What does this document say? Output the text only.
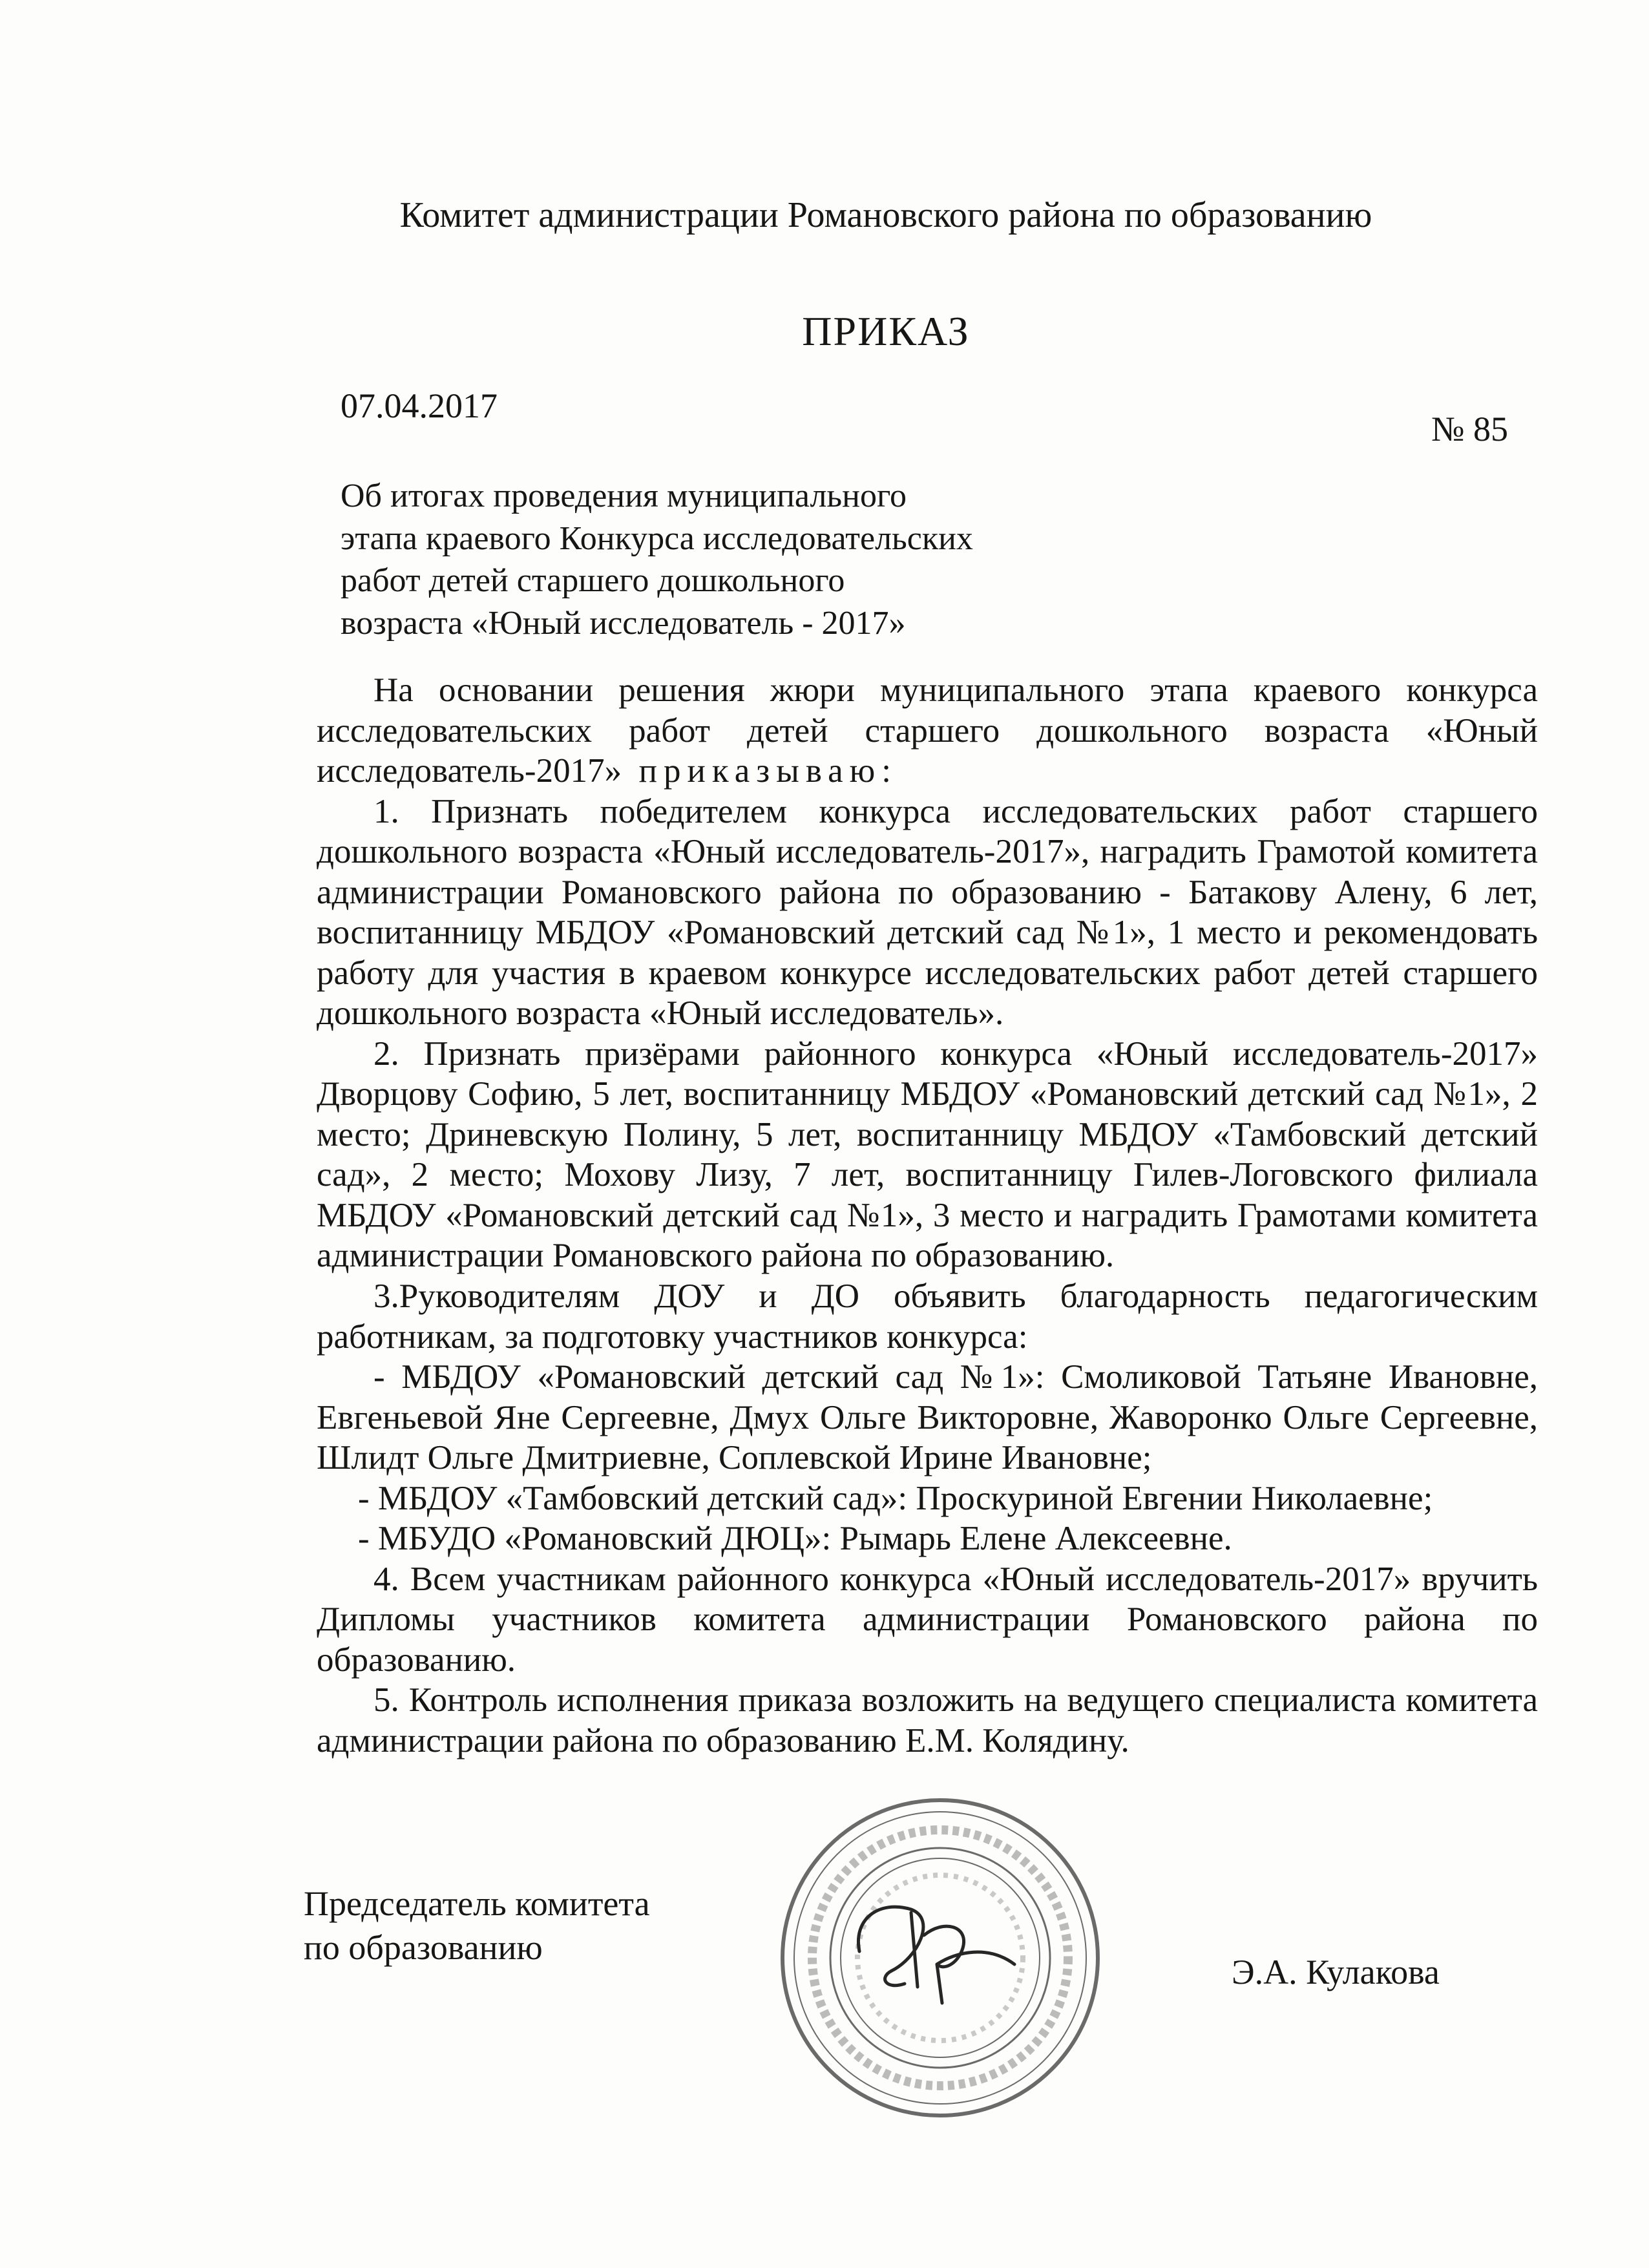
Комитет администрации Романовского района по образованию
ПРИКАЗ
07.04.2017
№ 85
Об итогах проведения муниципального
этапа краевого Конкурса исследовательских
работ детей старшего дошкольного
возраста «Юный исследователь - 2017»

На основании решения жюри муниципального этапа краевого конкурса исследовательских работ детей старшего дошкольного возраста «Юный исследователь-2017» приказываю:

1. Признать победителем конкурса исследовательских работ старшего дошкольного возраста «Юный исследователь-2017», наградить Грамотой комитета администрации Романовского района по образованию - Батакову Алену, 6 лет, воспитанницу МБДОУ «Романовский детский сад №1», 1 место и рекомендовать работу для участия в краевом конкурсе исследовательских работ детей старшего дошкольного возраста «Юный исследователь».

2. Признать призёрами районного конкурса «Юный исследователь-2017» Дворцову Софию, 5 лет, воспитанницу МБДОУ «Романовский детский сад №1», 2 место; Дриневскую Полину, 5 лет, воспитанницу МБДОУ «Тамбовский детский сад», 2 место; Мохову Лизу, 7 лет, воспитанницу Гилев-Логовского филиала МБДОУ «Романовский детский сад №1», 3 место и наградить Грамотами комитета администрации Романовского района по образованию.

3.Руководителям ДОУ и ДО объявить благодарность педагогическим работникам, за подготовку участников конкурса:

- МБДОУ «Романовский детский сад №1»: Смоликовой Татьяне Ивановне, Евгеньевой Яне Сергеевне, Дмух Ольге Викторовне, Жаворонко Ольге Сергеевне, Шлидт Ольге Дмитриевне, Соплевской Ирине Ивановне;

- МБДОУ «Тамбовский детский сад»: Проскуриной Евгении Николаевне;

- МБУДО «Романовский ДЮЦ»: Рымарь Елене Алексеевне.

4. Всем участникам районного конкурса «Юный исследователь-2017» вручить Дипломы участников комитета администрации Романовского района по образованию.

5. Контроль исполнения приказа возложить на ведущего специалиста комитета администрации района по образованию Е.М. Колядину.

Председатель комитета
по образованию
Э.А. Кулакова
